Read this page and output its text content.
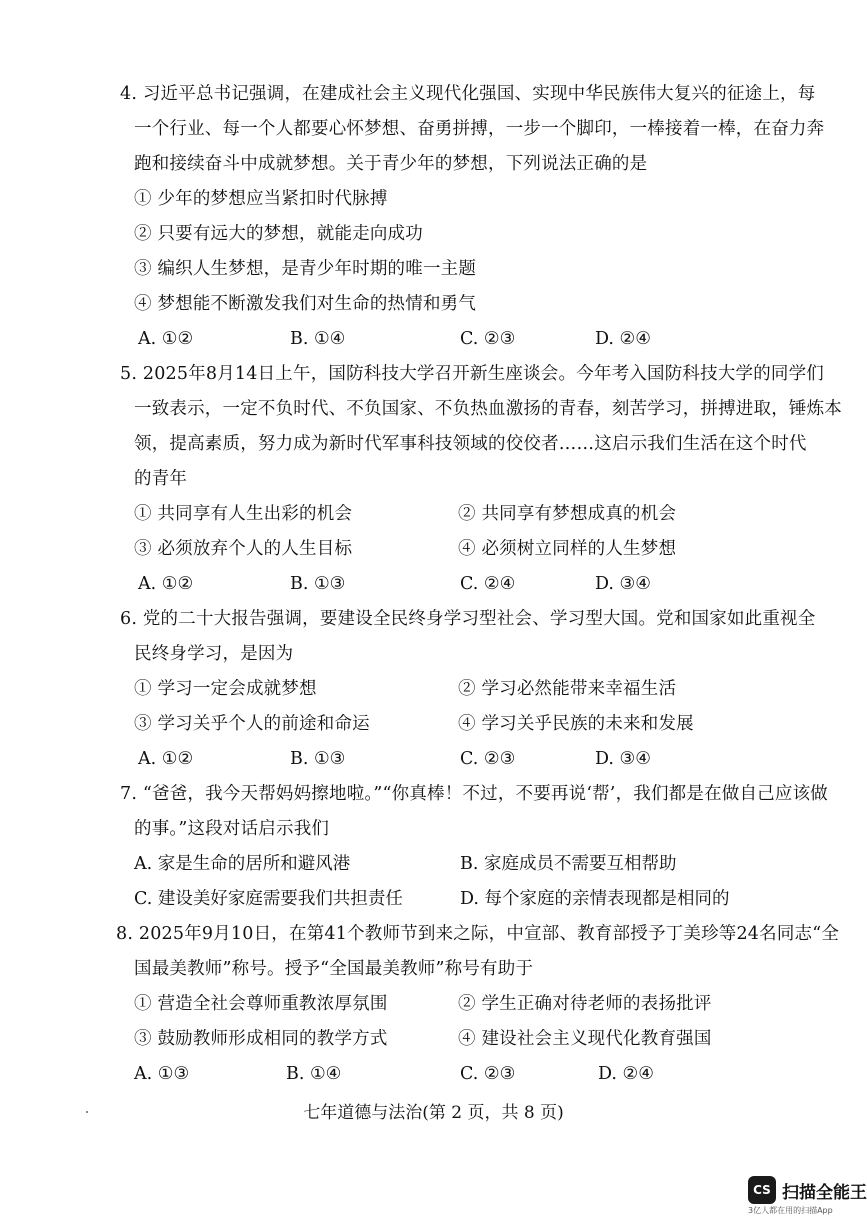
4. 习近平总书记强调，在建成社会主义现代化强国、实现中华民族伟大复兴的征途上，每
一个行业、每一个人都要心怀梦想、奋勇拼搏，一步一个脚印，一棒接着一棒，在奋力奔
跑和接续奋斗中成就梦想。关于青少年的梦想，下列说法正确的是
① 少年的梦想应当紧扣时代脉搏
② 只要有远大的梦想，就能走向成功
③ 编织人生梦想，是青少年时期的唯一主题
④ 梦想能不断激发我们对生命的热情和勇气
A. ①②	B. ①④	C. ②③	D. ②④
5. 2025年8月14日上午，国防科技大学召开新生座谈会。今年考入国防科技大学的同学们
一致表示，一定不负时代、不负国家、不负热血激扬的青春，刻苦学习，拼搏进取，锤炼本
领，提高素质，努力成为新时代军事科技领域的佼佼者……这启示我们生活在这个时代
的青年
① 共同享有人生出彩的机会	② 共同享有梦想成真的机会
③ 必须放弃个人的人生目标	④ 必须树立同样的人生梦想
A. ①②	B. ①③	C. ②④	D. ③④
6. 党的二十大报告强调，要建设全民终身学习型社会、学习型大国。党和国家如此重视全
民终身学习，是因为
① 学习一定会成就梦想	② 学习必然能带来幸福生活
③ 学习关乎个人的前途和命运	④ 学习关乎民族的未来和发展
A. ①②	B. ①③	C. ②③	D. ③④
7. “爸爸，我今天帮妈妈擦地啦。”“你真棒！不过，不要再说‘帮’，我们都是在做自己应该做
的事。”这段对话启示我们
A. 家是生命的居所和避风港	B. 家庭成员不需要互相帮助
C. 建设美好家庭需要我们共担责任	D. 每个家庭的亲情表现都是相同的
8. 2025年9月10日，在第41个教师节到来之际，中宣部、教育部授予丁美珍等24名同志“全
国最美教师”称号。授予“全国最美教师”称号有助于
① 营造全社会尊师重教浓厚氛围	② 学生正确对待老师的表扬批评
③ 鼓励教师形成相同的教学方式	④ 建设社会主义现代化教育强国
A. ①③	B. ①④	C. ②③	D. ②④
七年道德与法治(第 2 页，共 8 页)
CS 扫描全能王
3亿人都在用的扫描App
